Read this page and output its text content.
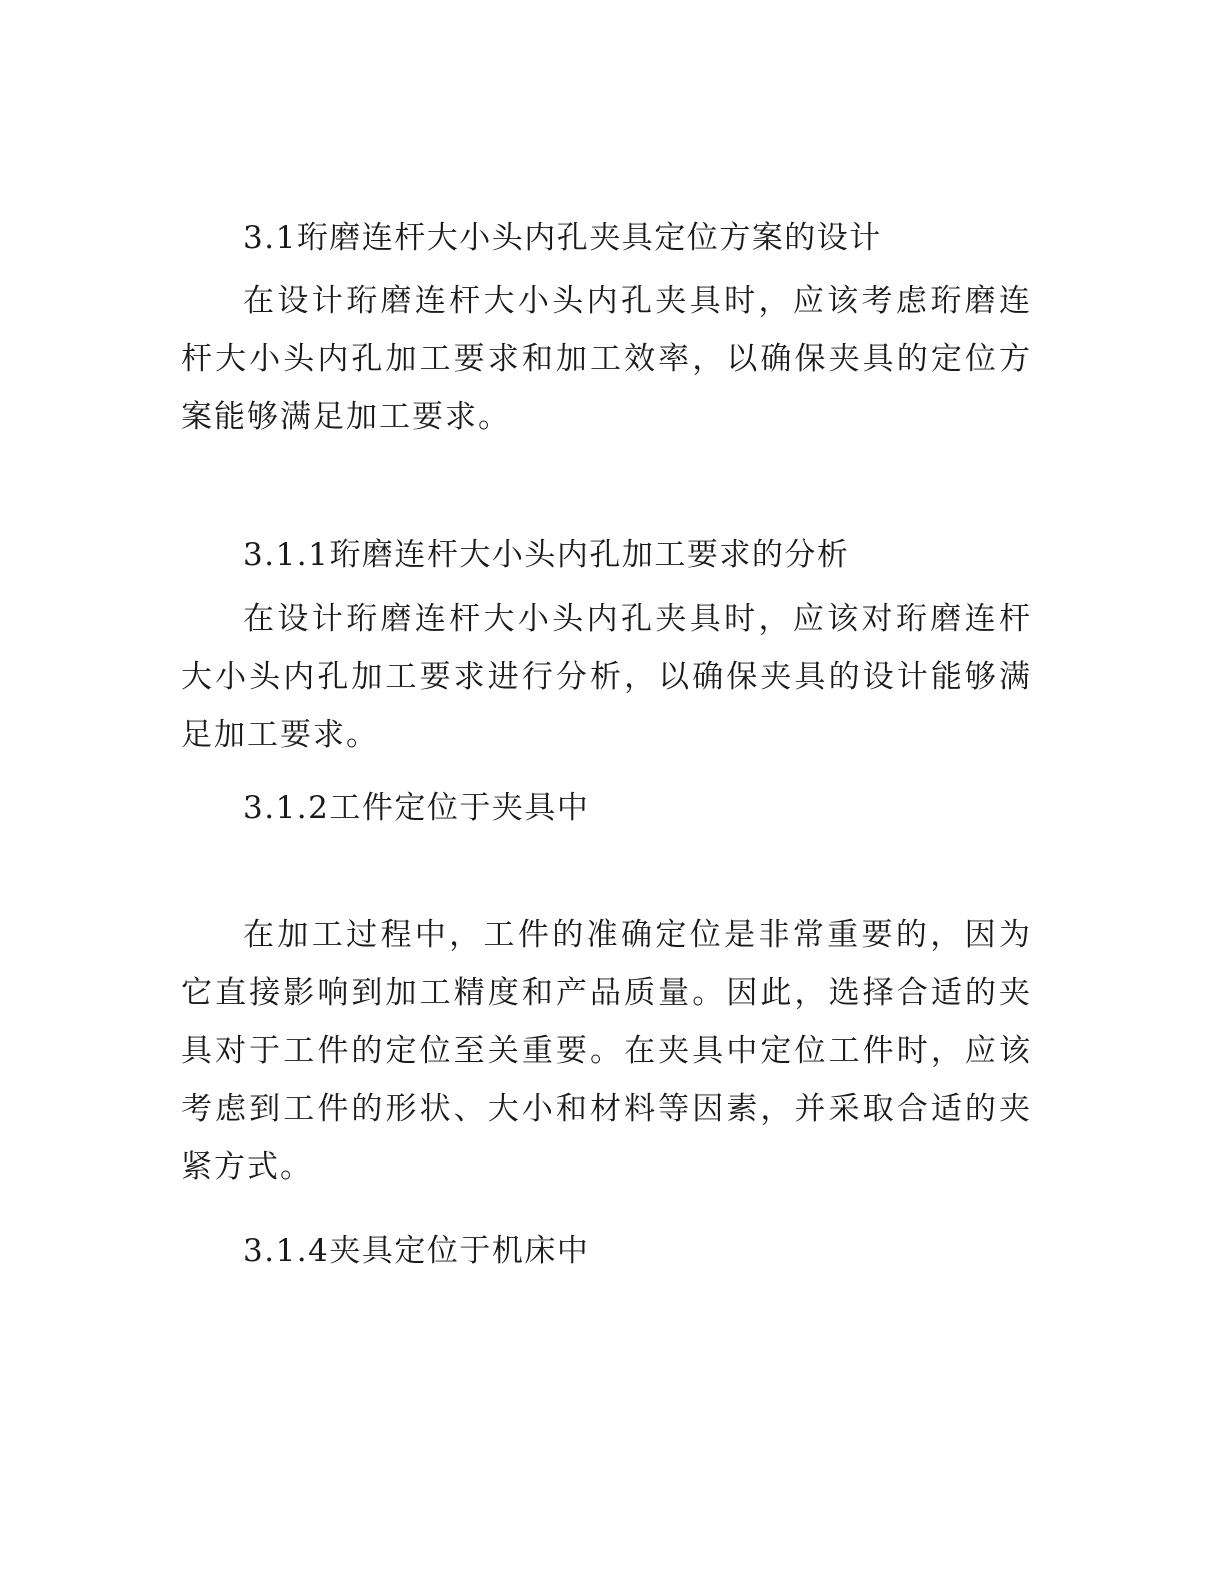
3.1珩磨连杆大小头内孔夹具定位方案的设计
在设计珩磨连杆大小头内孔夹具时，应该考虑珩磨连杆大小头内孔加工要求和加工效率，以确保夹具的定位方案能够满足加工要求。
3.1.1珩磨连杆大小头内孔加工要求的分析
在设计珩磨连杆大小头内孔夹具时，应该对珩磨连杆大小头内孔加工要求进行分析，以确保夹具的设计能够满足加工要求。
3.1.2工件定位于夹具中
在加工过程中，工件的准确定位是非常重要的，因为它直接影响到加工精度和产品质量。因此，选择合适的夹具对于工件的定位至关重要。在夹具中定位工件时，应该考虑到工件的形状、大小和材料等因素，并采取合适的夹紧方式。
3.1.4夹具定位于机床中
